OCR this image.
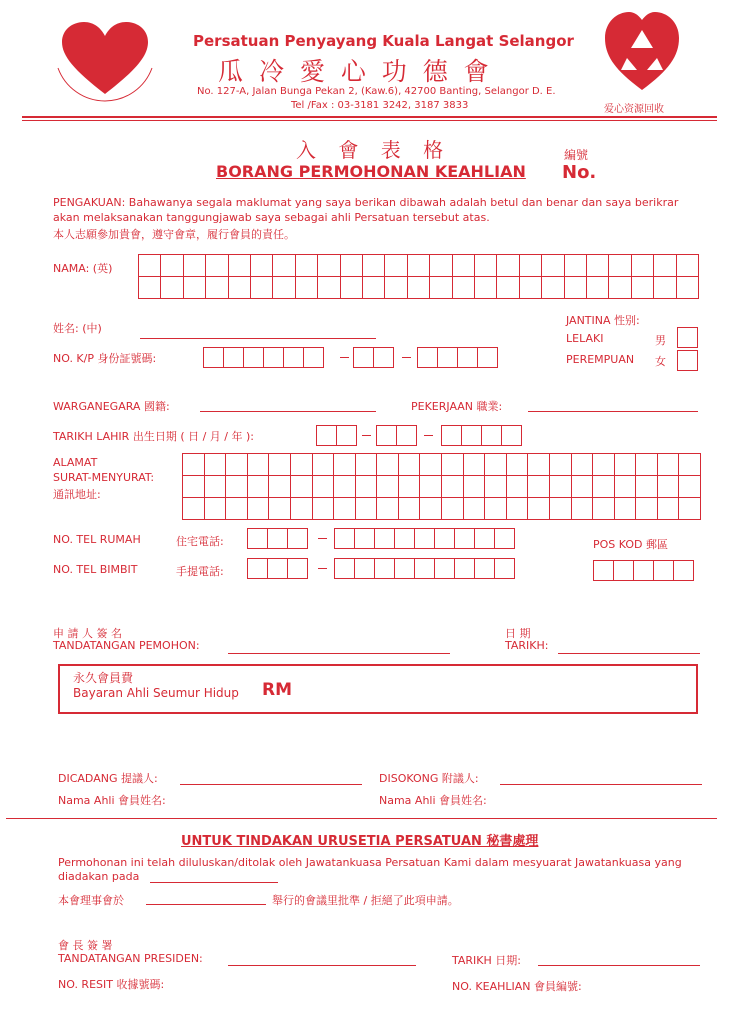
Persatuan Penyayang Kuala Langat Selangor
瓜 冷 愛 心 功 德 會
No. 127-A, Jalan Bunga Pekan 2, (Kaw.6), 42700 Banting, Selangor D. E.
Tel /Fax : 03-3181 3242, 3187 3833	爱心资源回收
入 會 表 格
BORANG PERMOHONAN KEAHLIAN
編號
No.
PENGAKUAN: Bahawanya segala maklumat yang saya berikan dibawah adalah betul dan benar dan saya berikrar
akan melaksanakan tanggungjawab saya sebagai ahli Persatuan tersebut atas.
本人志願參加貴會，遵守會章，履行會員的責任。
NAMA: (英)
姓名: (中)
JANTINA 性别:
LELAKI	男
PEREMPUAN 女
NO. K/P 身份証號碼:
WARGANEGARA 國籍:	PEKERJAAN 職業:
TARIKH LAHIR 出生日期 ( 日 / 月 / 年 ):
ALAMAT
SURAT-MENYURAT:
通訊地址:
NO. TEL RUMAH	住宅電話:	POS KOD 郵區
NO. TEL BIMBIT	手提電話:
申 請 人 簽 名
TANDATANGAN PEMOHON:
日 期
TARIKH:
永久會員費
Bayaran Ahli Seumur Hidup RM
DICADANG 提議人:
Nama Ahli 會員姓名:
DISOKONG 附議人:
Nama Ahli 會員姓名:
UNTUK TINDAKAN URUSETIA PERSATUAN 秘書處理
Permohonan ini telah diluluskan/ditolak oleh Jawatankuasa Persatuan Kami dalam mesyuarat Jawatankuasa yang
diadakan pada
本會理事會於	舉行的會議里批準 / 拒絕了此項申請。
會 長 簽 署
TANDATANGAN PRESIDEN:	TARIKH 日期:
NO. RESIT 收據號碼:	NO. KEAHLIAN 會員編號:
